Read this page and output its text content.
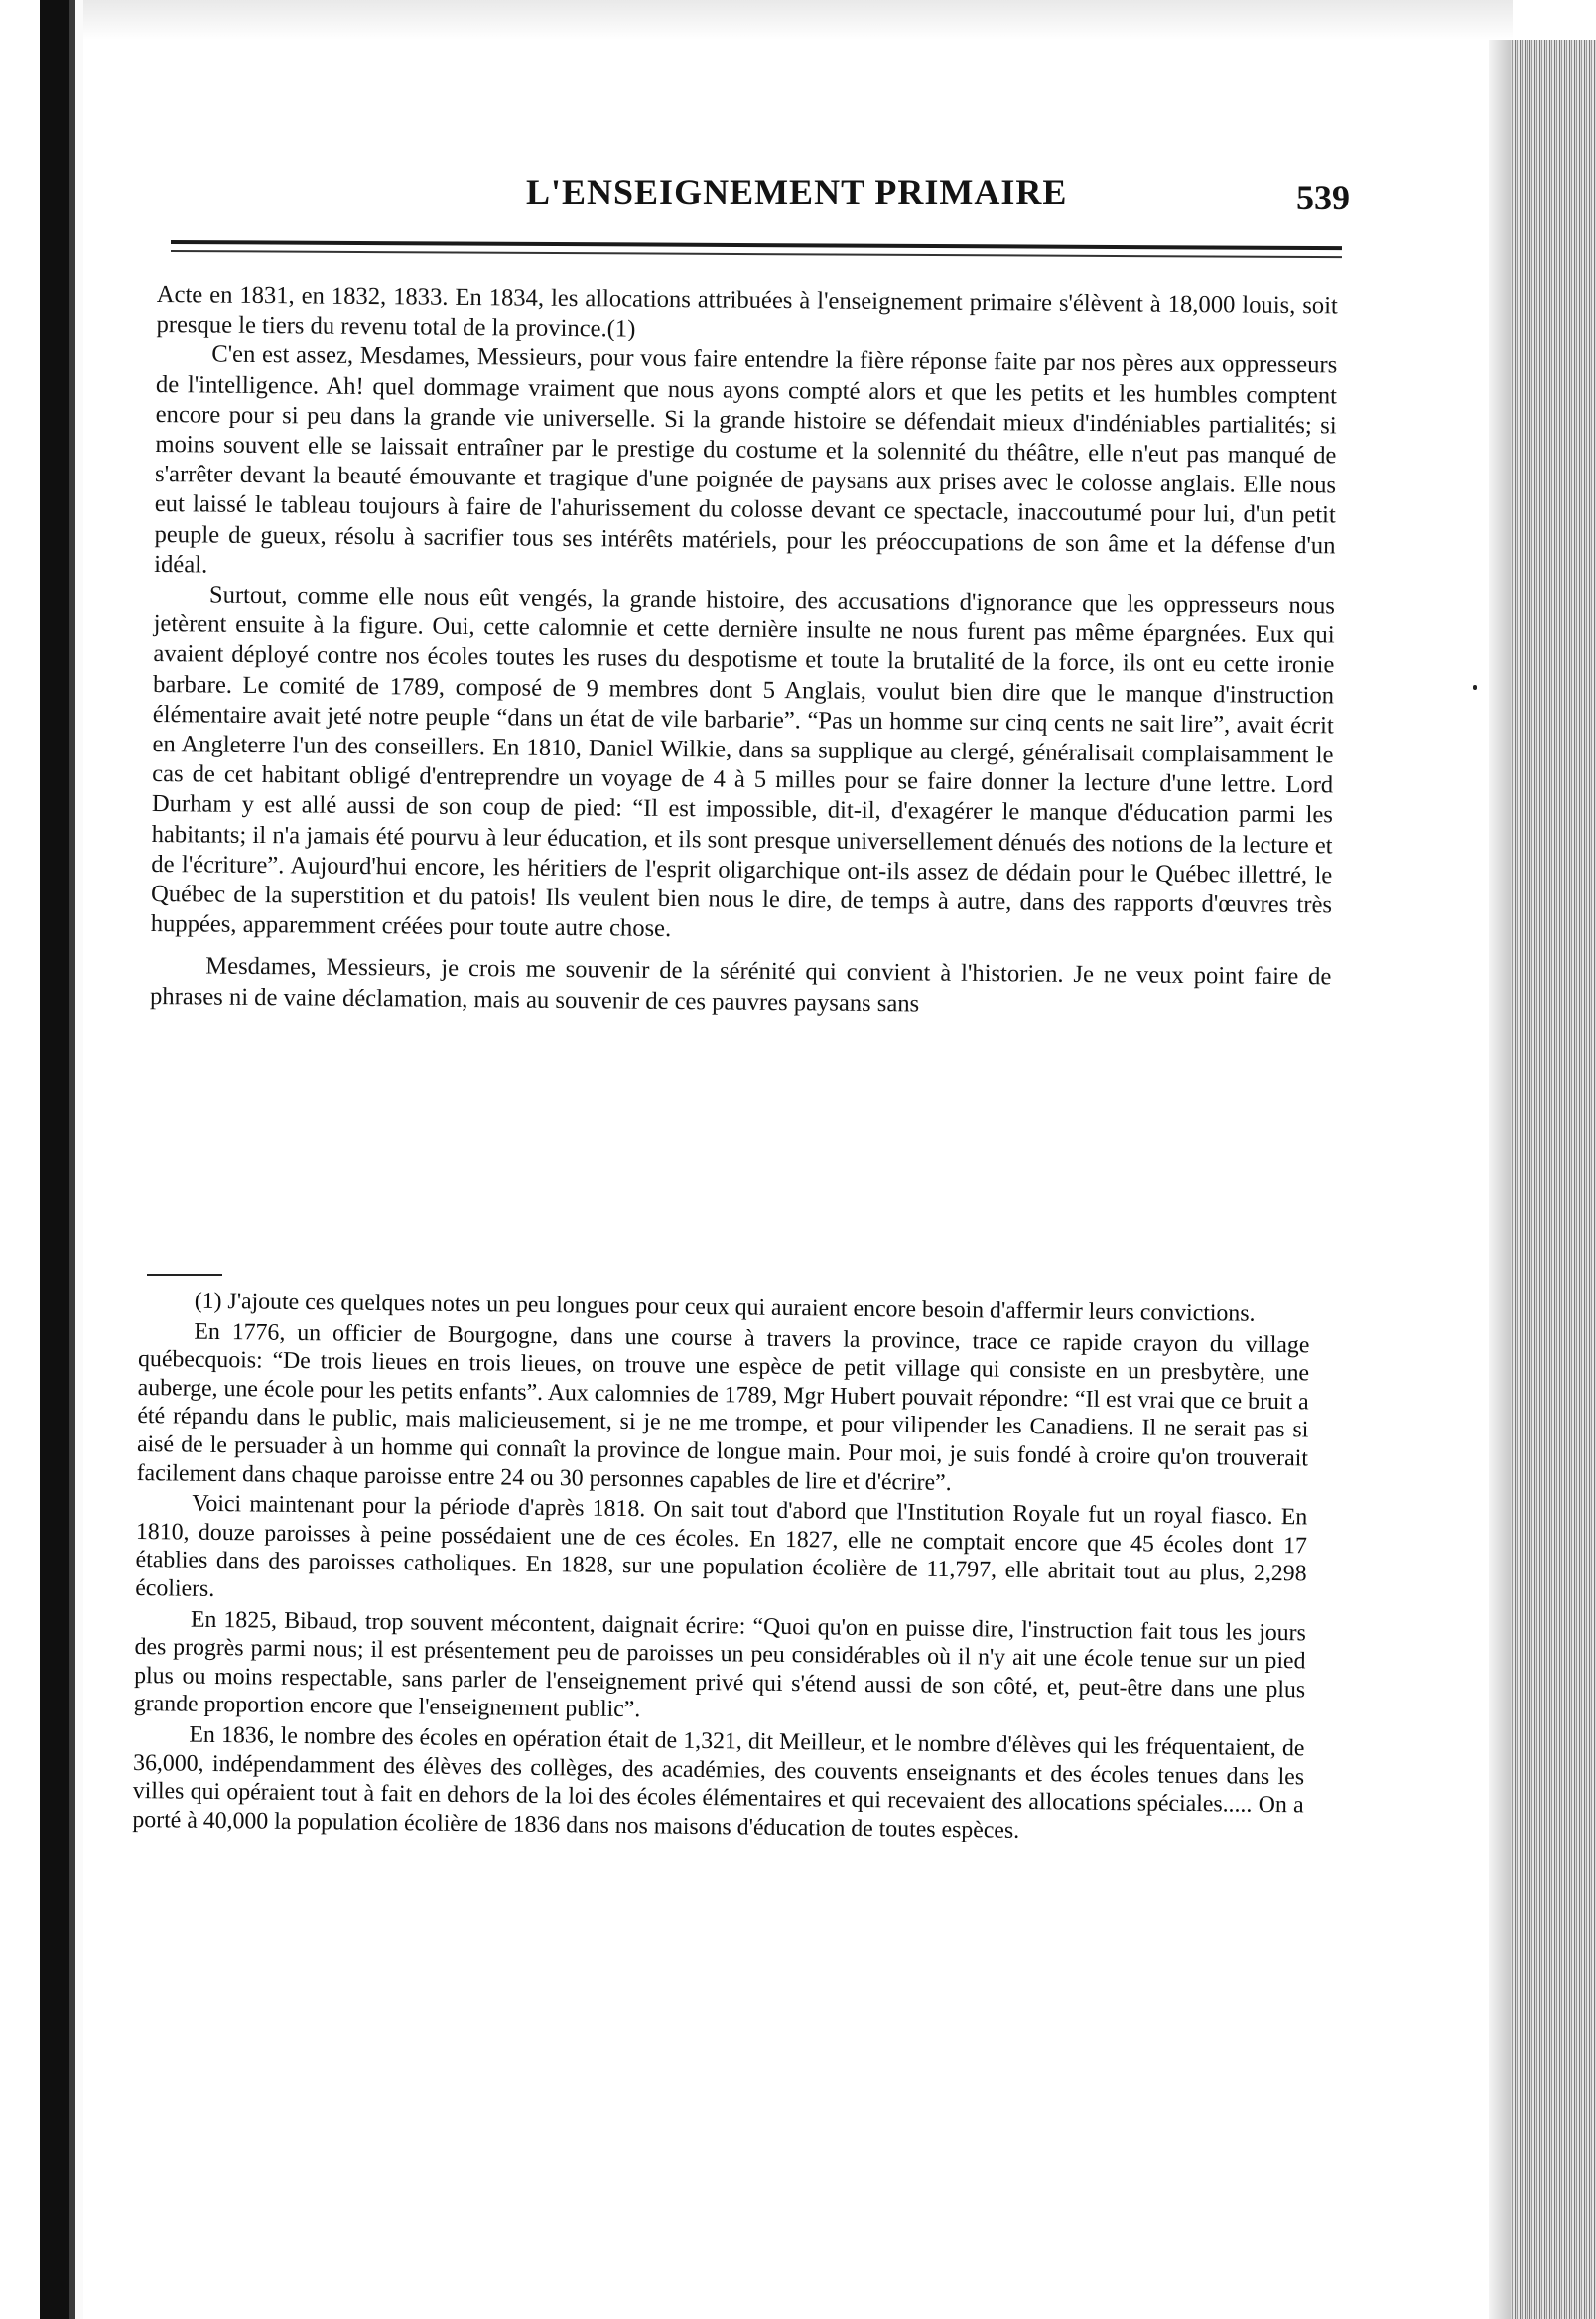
L'ENSEIGNEMENT PRIMAIRE	539

Acte en 1831, en 1832, 1833. En 1834, les allocations attribuées à l'enseignement primaire s'élèvent à 18,000 louis, soit presque le tiers du revenu total de la province.(1)

C'en est assez, Mesdames, Messieurs, pour vous faire entendre la fière réponse faite par nos pères aux oppresseurs de l'intelligence. Ah! quel dommage vraiment que nous ayons compté alors et que les petits et les humbles comptent encore pour si peu dans la grande vie universelle. Si la grande histoire se défendait mieux d'indéniables partialités; si moins souvent elle se laissait entraîner par le prestige du costume et la solennité du théâtre, elle n'eut pas manqué de s'arrêter devant la beauté émouvante et tragique d'une poignée de paysans aux prises avec le colosse anglais. Elle nous eut laissé le tableau toujours à faire de l'ahurissement du colosse devant ce spectacle, inaccoutumé pour lui, d'un petit peuple de gueux, résolu à sacrifier tous ses intérêts matériels, pour les préoccupations de son âme et la défense d'un idéal.

Surtout, comme elle nous eût vengés, la grande histoire, des accusations d'ignorance que les oppresseurs nous jetèrent ensuite à la figure. Oui, cette calomnie et cette dernière insulte ne nous furent pas même épargnées. Eux qui avaient déployé contre nos écoles toutes les ruses du despotisme et toute la brutalité de la force, ils ont eu cette ironie barbare. Le comité de 1789, composé de 9 membres dont 5 Anglais, voulut bien dire que le manque d'instruction élémentaire avait jeté notre peuple “dans un état de vile barbarie”. “Pas un homme sur cinq cents ne sait lire”, avait écrit en Angleterre l'un des conseillers. En 1810, Daniel Wilkie, dans sa supplique au clergé, généralisait complaisamment le cas de cet habitant obligé d'entreprendre un voyage de 4 à 5 milles pour se faire donner la lecture d'une lettre. Lord Durham y est allé aussi de son coup de pied: “Il est impossible, dit-il, d'exagérer le manque d'éducation parmi les habitants; il n'a jamais été pourvu à leur éducation, et ils sont presque universellement dénués des notions de la lecture et de l'écriture”. Aujourd'hui encore, les héritiers de l'esprit oligarchique ont-ils assez de dédain pour le Québec illettré, le Québec de la superstition et du patois! Ils veulent bien nous le dire, de temps à autre, dans des rapports d'œuvres très huppées, apparemment créées pour toute autre chose.

Mesdames, Messieurs, je crois me souvenir de la sérénité qui convient à l'historien. Je ne veux point faire de phrases ni de vaine déclamation, mais au souvenir de ces pauvres paysans sans

(1) J'ajoute ces quelques notes un peu longues pour ceux qui auraient encore besoin d'affermir leurs convictions.

En 1776, un officier de Bourgogne, dans une course à travers la province, trace ce rapide crayon du village québecquois: “De trois lieues en trois lieues, on trouve une espèce de petit village qui consiste en un presbytère, une auberge, une école pour les petits enfants”. Aux calomnies de 1789, Mgr Hubert pouvait répondre: “Il est vrai que ce bruit a été répandu dans le public, mais malicieusement, si je ne me trompe, et pour vilipender les Canadiens. Il ne serait pas si aisé de le persuader à un homme qui connaît la province de longue main. Pour moi, je suis fondé à croire qu'on trouverait facilement dans chaque paroisse entre 24 ou 30 personnes capables de lire et d'écrire”.

Voici maintenant pour la période d'après 1818. On sait tout d'abord que l'Institution Royale fut un royal fiasco. En 1810, douze paroisses à peine possédaient une de ces écoles. En 1827, elle ne comptait encore que 45 écoles dont 17 établies dans des paroisses catholiques. En 1828, sur une population écolière de 11,797, elle abritait tout au plus, 2,298 écoliers.

En 1825, Bibaud, trop souvent mécontent, daignait écrire: “Quoi qu'on en puisse dire, l'instruction fait tous les jours des progrès parmi nous; il est présentement peu de paroisses un peu considérables où il n'y ait une école tenue sur un pied plus ou moins respectable, sans parler de l'enseignement privé qui s'étend aussi de son côté, et, peut-être dans une plus grande proportion encore que l'enseignement public”.

En 1836, le nombre des écoles en opération était de 1,321, dit Meilleur, et le nombre d'élèves qui les fréquentaient, de 36,000, indépendamment des élèves des collèges, des académies, des couvents enseignants et des écoles tenues dans les villes qui opéraient tout à fait en dehors de la loi des écoles élémentaires et qui recevaient des allocations spéciales..... On a porté à 40,000 la population écolière de 1836 dans nos maisons d'éducation de toutes espèces.
